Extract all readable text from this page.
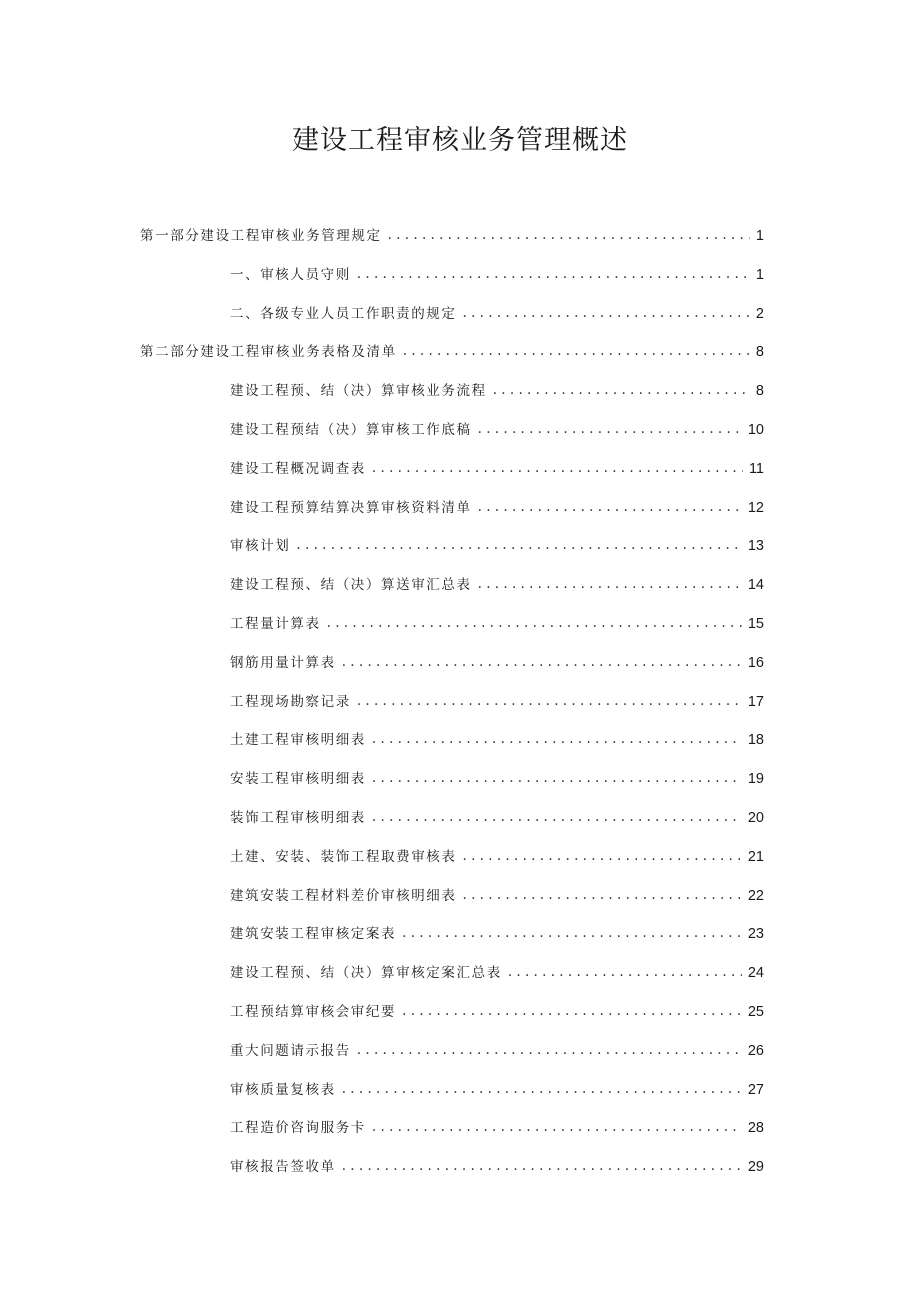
建设工程审核业务管理概述
第一部分建设工程审核业务管理规定 . . .	1
一、审核人员守则 . . .	1
二、各级专业人员工作职责的规定 . . .	2
第二部分建设工程审核业务表格及清单 . . .	8
建设工程预、结（决）算审核业务流程 . . .	8
建设工程预结（决）算审核工作底稿 . . .	10
建设工程概况调查表 . . .	11
建设工程预算结算决算审核资料清单 . . .	12
审核计划 . . .	13
建设工程预、结（决）算送审汇总表 . . .	14
工程量计算表 . . .	15
钢筋用量计算表 . . .	16
工程现场勘察记录 . . .	17
土建工程审核明细表 . . .	18
安装工程审核明细表 . . .	19
装饰工程审核明细表 . . .	20
土建、安装、装饰工程取费审核表 . . .	21
建筑安装工程材料差价审核明细表 . . .	22
建筑安装工程审核定案表 . . .	23
建设工程预、结（决）算审核定案汇总表 . . .	24
工程预结算审核会审纪要 . . .	25
重大问题请示报告 . . .	26
审核质量复核表 . . .	27
工程造价咨询服务卡 . . .	28
审核报告签收单 . . .	29
